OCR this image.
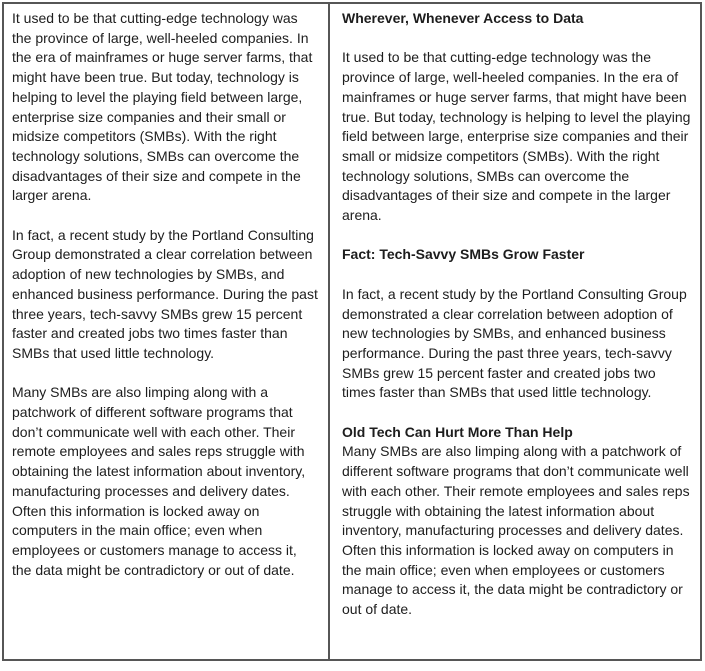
It used to be that cutting-edge technology was the province of large, well-heeled companies. In the era of mainframes or huge server farms, that might have been true. But today, technology is helping to level the playing field between large, enterprise size companies and their small or midsize competitors (SMBs). With the right technology solutions, SMBs can overcome the disadvantages of their size and compete in the larger arena.

In fact, a recent study by the Portland Consulting Group demonstrated a clear correlation between adoption of new technologies by SMBs, and enhanced business performance. During the past three years, tech-savvy SMBs grew 15 percent faster and created jobs two times faster than SMBs that used little technology.

Many SMBs are also limping along with a patchwork of different software programs that don’t communicate well with each other. Their remote employees and sales reps struggle with obtaining the latest information about inventory, manufacturing processes and delivery dates. Often this information is locked away on computers in the main office; even when employees or customers manage to access it, the data might be contradictory or out of date.

Wherever, Whenever Access to Data

It used to be that cutting-edge technology was the province of large, well-heeled companies. In the era of mainframes or huge server farms, that might have been true. But today, technology is helping to level the playing field between large, enterprise size companies and their small or midsize competitors (SMBs). With the right technology solutions, SMBs can overcome the disadvantages of their size and compete in the larger arena.

Fact: Tech-Savvy SMBs Grow Faster

In fact, a recent study by the Portland Consulting Group demonstrated a clear correlation between adoption of new technologies by SMBs, and enhanced business performance. During the past three years, tech-savvy SMBs grew 15 percent faster and created jobs two times faster than SMBs that used little technology.

Old Tech Can Hurt More Than Help

Many SMBs are also limping along with a patchwork of different software programs that don’t communicate well with each other. Their remote employees and sales reps struggle with obtaining the latest information about inventory, manufacturing processes and delivery dates. Often this information is locked away on computers in the main office; even when employees or customers manage to access it, the data might be contradictory or out of date.
